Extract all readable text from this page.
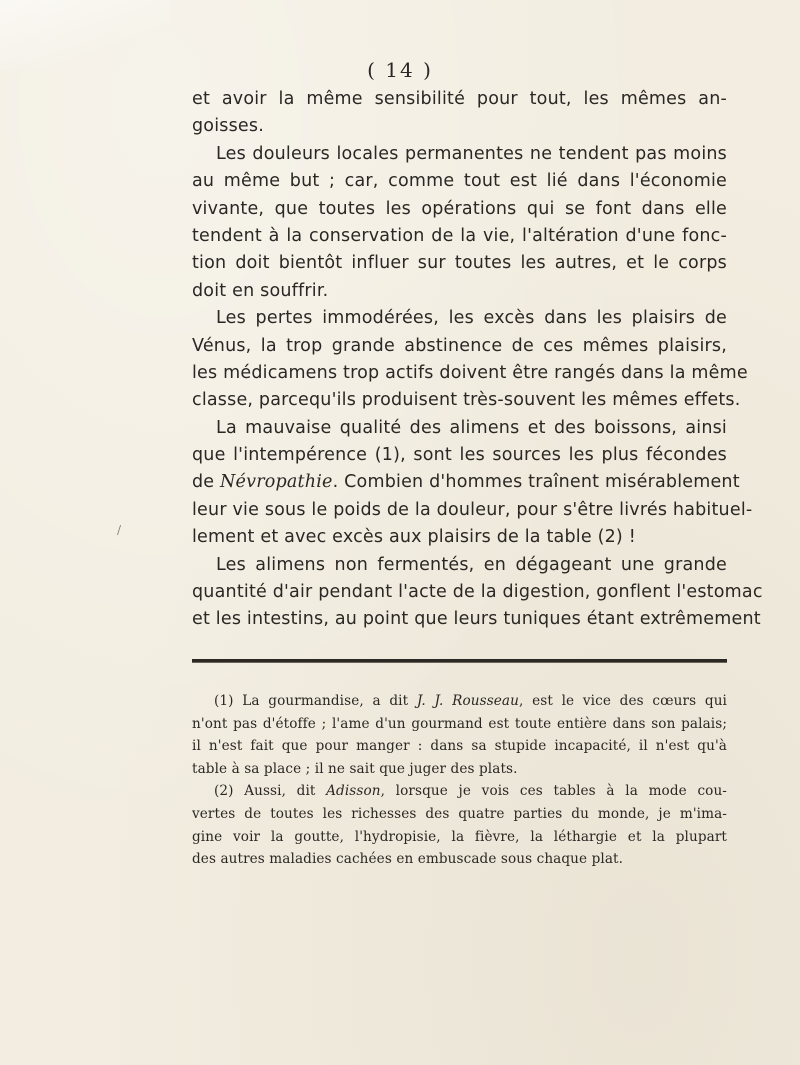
( 14 )
et avoir la même sensibilité pour tout, les mêmes an-
goisses.
Les douleurs locales permanentes ne tendent pas moins
au même but ; car, comme tout est lié dans l'économie
vivante, que toutes les opérations qui se font dans elle
tendent à la conservation de la vie, l'altération d'une fonc-
tion doit bientôt influer sur toutes les autres, et le corps
doit en souffrir.
Les pertes immodérées, les excès dans les plaisirs de
Vénus, la trop grande abstinence de ces mêmes plaisirs,
les médicamens trop actifs doivent être rangés dans la même
classe, parcequ'ils produisent très-souvent les mêmes effets.
La mauvaise qualité des alimens et des boissons, ainsi
que l'intempérence (1), sont les sources les plus fécondes
de Névropathie. Combien d'hommes traînent misérablement
leur vie sous le poids de la douleur, pour s'être livrés habituel-
lement et avec excès aux plaisirs de la table (2) !
Les alimens non fermentés, en dégageant une grande
quantité d'air pendant l'acte de la digestion, gonflent l'estomac
et les intestins, au point que leurs tuniques étant extrêmement
(1) La gourmandise, a dit J. J. Rousseau, est le vice des cœurs qui
n'ont pas d'étoffe ; l'ame d'un gourmand est toute entière dans son palais;
il n'est fait que pour manger : dans sa stupide incapacité, il n'est qu'à
table à sa place ; il ne sait que juger des plats.
(2) Aussi, dit Adisson, lorsque je vois ces tables à la mode cou-
vertes de toutes les richesses des quatre parties du monde, je m'ima-
gine voir la goutte, l'hydropisie, la fièvre, la léthargie et la plupart
des autres maladies cachées en embuscade sous chaque plat.
/
